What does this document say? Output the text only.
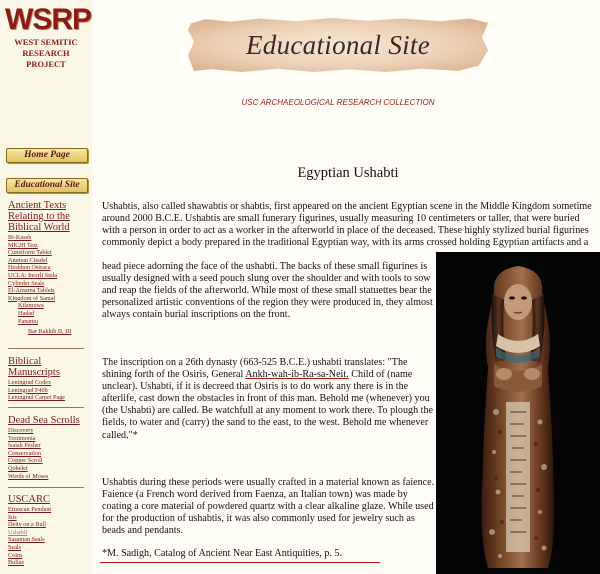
WSRP
WEST SEMITIC
RESEARCH
PROJECT
Home Page
Educational Site
Ancient Texts
Relating to the
Biblical World
Bi-Kasek
MK2H Text
Cuneiform Tablet
Amman Citadel
Heshbon Ostraca
UCLA: Incirli Stela
Cylinder Seals
El-Amarna Tablets
Kingdom of Samal
Kilamuwa
Hadad
Panamu
Bar Rakkib II, III
Biblical
Manuscripts
Leningrad Codex
Leningrad F40b
Leningrad Carpet Page
Dead Sea Scrolls
Discovery
Testimonia
Isaiah Pesher
Conservation
Copper Scroll
Qohelet
Words of Moses
USCARC
Etruscan Pendant
Isis
Deity on a Bull
Ushabti
Sasanian Seals
Seals
Coins
Bullae
Educational Site
USC ARCHAEOLOGICAL RESEARCH COLLECTION
Egyptian Ushabti

Ushabtis, also called shawabtis or shabtis, first appeared on the ancient Egyptian scene in the Middle Kingdom sometime around 2000 B.C.E. Ushabtis are small funerary figurines, usually measuring 10 centimeters or taller, that were buried with a person in order to act as a worker in the afterworld in place of the deceased. These highly stylized burial figurines commonly depict a body prepared in the traditional Egyptian way, with its arms crossed holding Egyptian artifacts and a

head piece adorning the face of the ushabti. The backs of these small figurines is usually designed with a seed pouch slung over the shoulder and with tools to sow and reap the fields of the afterworld. While most of these small statuettes bear the personalized artistic conventions of the region they were produced in, they almost always contain burial inscriptions on the front.

The inscription on a 26th dynasty (663-525 B.C.E.) ushabti translates: "The shining forth of the Osiris, General Ankh-wah-ib-Ra-sa-Neit. Child of (name unclear). Ushabti, if it is decreed that Osiris is to do work any there is in the afterlife, cast down the obstacles in front of this man. Behold me (whenever) you (the Ushabti) are called. Be watchfull at any moment to work there. To plough the fields, to water and (carry) the sand to the east, to the west. Behold me whenever called."*

Ushabtis during these periods were usually crafted in a material known as faience. Faience (a French word derived from Faenza, an Italian town) was made by coating a core material of powdered quartz with a clear alkaline glaze. While used for the production of ushabtis, it was also commonly used for jewelry such as beads and pendants.

*M. Sadigh, Catalog of Ancient Near East Antiquities, p. 5.
